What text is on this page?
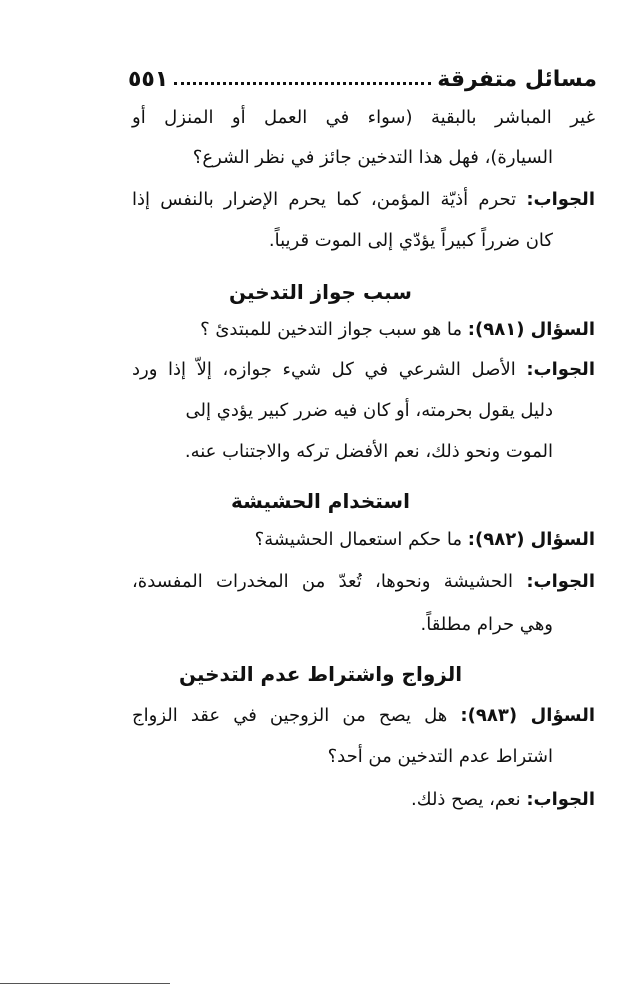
مسائل متفرقة
٥٥١
غير المباشر بالبقية (سواء في العمل أو المنزل أو
السيارة)، فهل هذا التدخين جائز في نظر الشرع؟
الجواب: تحرم أذيّة المؤمن، كما يحرم الإضرار بالنفس إذا
كان ضرراً كبيراً يؤدّي إلى الموت قريباً.
سبب جواز التدخين
السؤال (٩٨١): ما هو سبب جواز التدخين للمبتدئ ؟
الجواب: الأصل الشرعي في كل شيء جوازه، إلاّ إذا ورد
دليل يقول بحرمته، أو كان فيه ضرر كبير يؤدي إلى
الموت ونحو ذلك، نعم الأفضل تركه والاجتناب عنه.
استخدام الحشيشة
السؤال (٩٨٢): ما حكم استعمال الحشيشة؟
الجواب: الحشيشة ونحوها، تُعدّ من المخدرات المفسدة،
وهي حرام مطلقاً.
الزواج واشتراط عدم التدخين
السؤال (٩٨٣): هل يصح من الزوجين في عقد الزواج
اشتراط عدم التدخين من أحد؟
الجواب: نعم، يصح ذلك.
